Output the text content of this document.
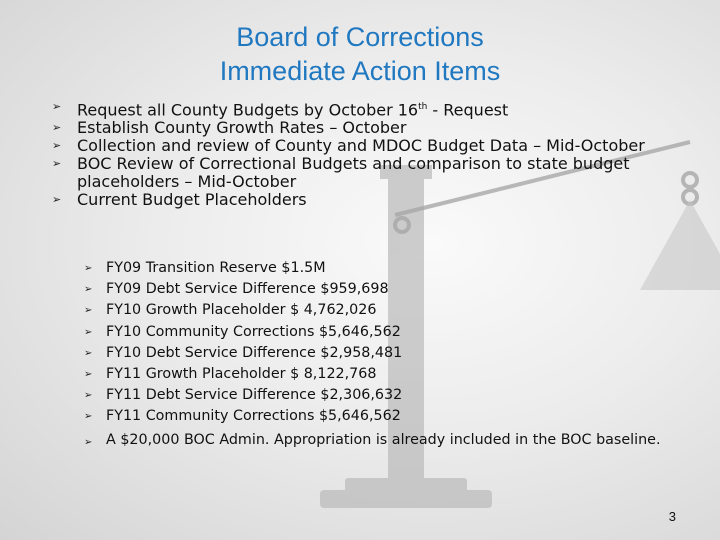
Board of Corrections
Immediate Action Items
➢ Request all County Budgets by October 16th - Request
➢ Establish County Growth Rates – October
➢ Collection and review of County and MDOC Budget Data – Mid-October
➢ BOC Review of Correctional Budgets and comparison to state budget placeholders – Mid-October
➢ Current Budget Placeholders
➢ FY09 Transition Reserve $1.5M
➢ FY09 Debt Service Difference $959,698
➢ FY10 Growth Placeholder $ 4,762,026
➢ FY10 Community Corrections $5,646,562
➢ FY10 Debt Service Difference $2,958,481
➢ FY11 Growth Placeholder $ 8,122,768
➢ FY11 Debt Service Difference $2,306,632
➢ FY11 Community Corrections $5,646,562
➢ A $20,000 BOC Admin. Appropriation is already included in the BOC baseline.
3
